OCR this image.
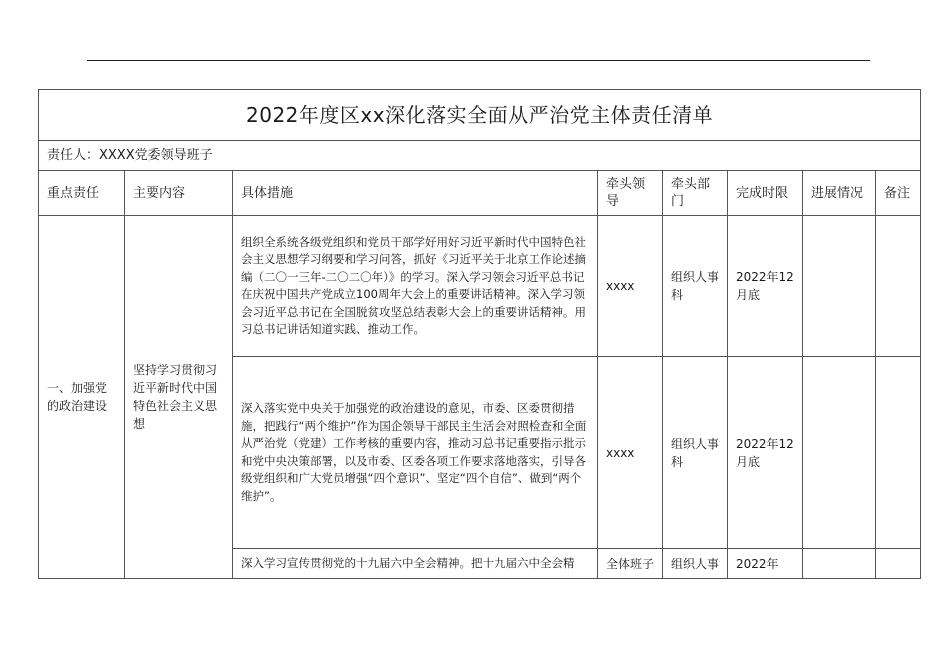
2022年度区xx深化落实全面从严治党主体责任清单							
责任人：XXXX党委领导班子							
重点责任	主要内容	具体措施	牵头领导	牵头部门	完成时限	进展情况	备注
一、加强党的政治建设	坚持学习贯彻习近平新时代中国特色社会主义思想	组织全系统各级党组织和党员干部学好用好习近平新时代中国特色社会主义思想学习纲要和学习问答，抓好《习近平关于北京工作论述摘编（二〇一三年-二〇二〇年）》的学习。深入学习领会习近平总书记在庆祝中国共产党成立100周年大会上的重要讲话精神。深入学习领会习近平总书记在全国脱贫攻坚总结表彰大会上的重要讲话精神。用习总书记讲话知道实践、推动工作。	xxxx	组织人事科	2022年12月底		
		深入落实党中央关于加强党的政治建设的意见，市委、区委贯彻措施，把践行“两个维护”作为国企领导干部民主生活会对照检查和全面从严治党（党建）工作考核的重要内容，推动习总书记重要指示批示和党中央决策部署，以及市委、区委各项工作要求落地落实，引导各级党组织和广大党员增强“四个意识”、坚定“四个自信”、做到“两个维护”。	xxxx	组织人事科	2022年12月底		
		深入学习宣传贯彻党的十九届六中全会精神。把十九届六中全会精	全体班子	组织人事	2022年		
